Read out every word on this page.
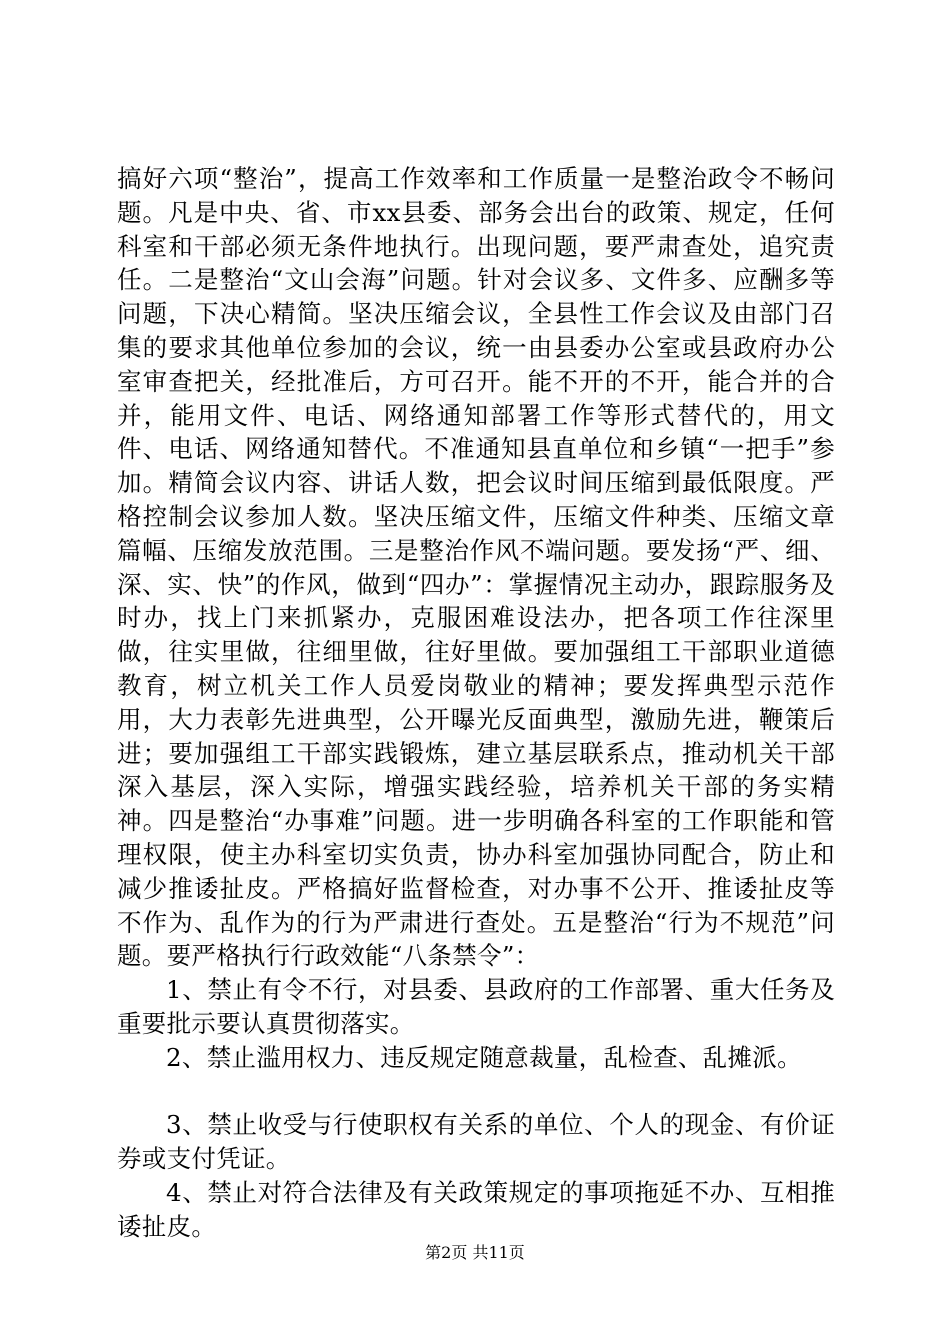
搞好六项“整治”，提高工作效率和工作质量一是整治政令不畅问题。凡是中央、省、市xx县委、部务会出台的政策、规定，任何科室和干部必须无条件地执行。出现问题，要严肃查处，追究责任。二是整治“文山会海”问题。针对会议多、文件多、应酬多等问题，下决心精简。坚决压缩会议，全县性工作会议及由部门召集的要求其他单位参加的会议，统一由县委办公室或县政府办公室审查把关，经批准后，方可召开。能不开的不开，能合并的合并，能用文件、电话、网络通知部署工作等形式替代的，用文件、电话、网络通知替代。不准通知县直单位和乡镇“一把手”参加。精简会议内容、讲话人数，把会议时间压缩到最低限度。严格控制会议参加人数。坚决压缩文件，压缩文件种类、压缩文章篇幅、压缩发放范围。三是整治作风不端问题。要发扬“严、细、深、实、快”的作风，做到“四办”：掌握情况主动办，跟踪服务及时办，找上门来抓紧办，克服困难设法办，把各项工作往深里做，往实里做，往细里做，往好里做。要加强组工干部职业道德教育，树立机关工作人员爱岗敬业的精神；要发挥典型示范作用，大力表彰先进典型，公开曝光反面典型，激励先进，鞭策后进；要加强组工干部实践锻炼，建立基层联系点，推动机关干部深入基层，深入实际，增强实践经验，培养机关干部的务实精神。四是整治“办事难”问题。进一步明确各科室的工作职能和管理权限，使主办科室切实负责，协办科室加强协同配合，防止和减少推诿扯皮。严格搞好监督检查，对办事不公开、推诿扯皮等不作为、乱作为的行为严肃进行查处。五是整治“行为不规范”问题。要严格执行行政效能“八条禁令”：

1、禁止有令不行，对县委、县政府的工作部署、重大任务及重要批示要认真贯彻落实。

2、禁止滥用权力、违反规定随意裁量，乱检查、乱摊派。

3、禁止收受与行使职权有关系的单位、个人的现金、有价证券或支付凭证。

4、禁止对符合法律及有关政策规定的事项拖延不办、互相推诿扯皮。

第2页 共11页
